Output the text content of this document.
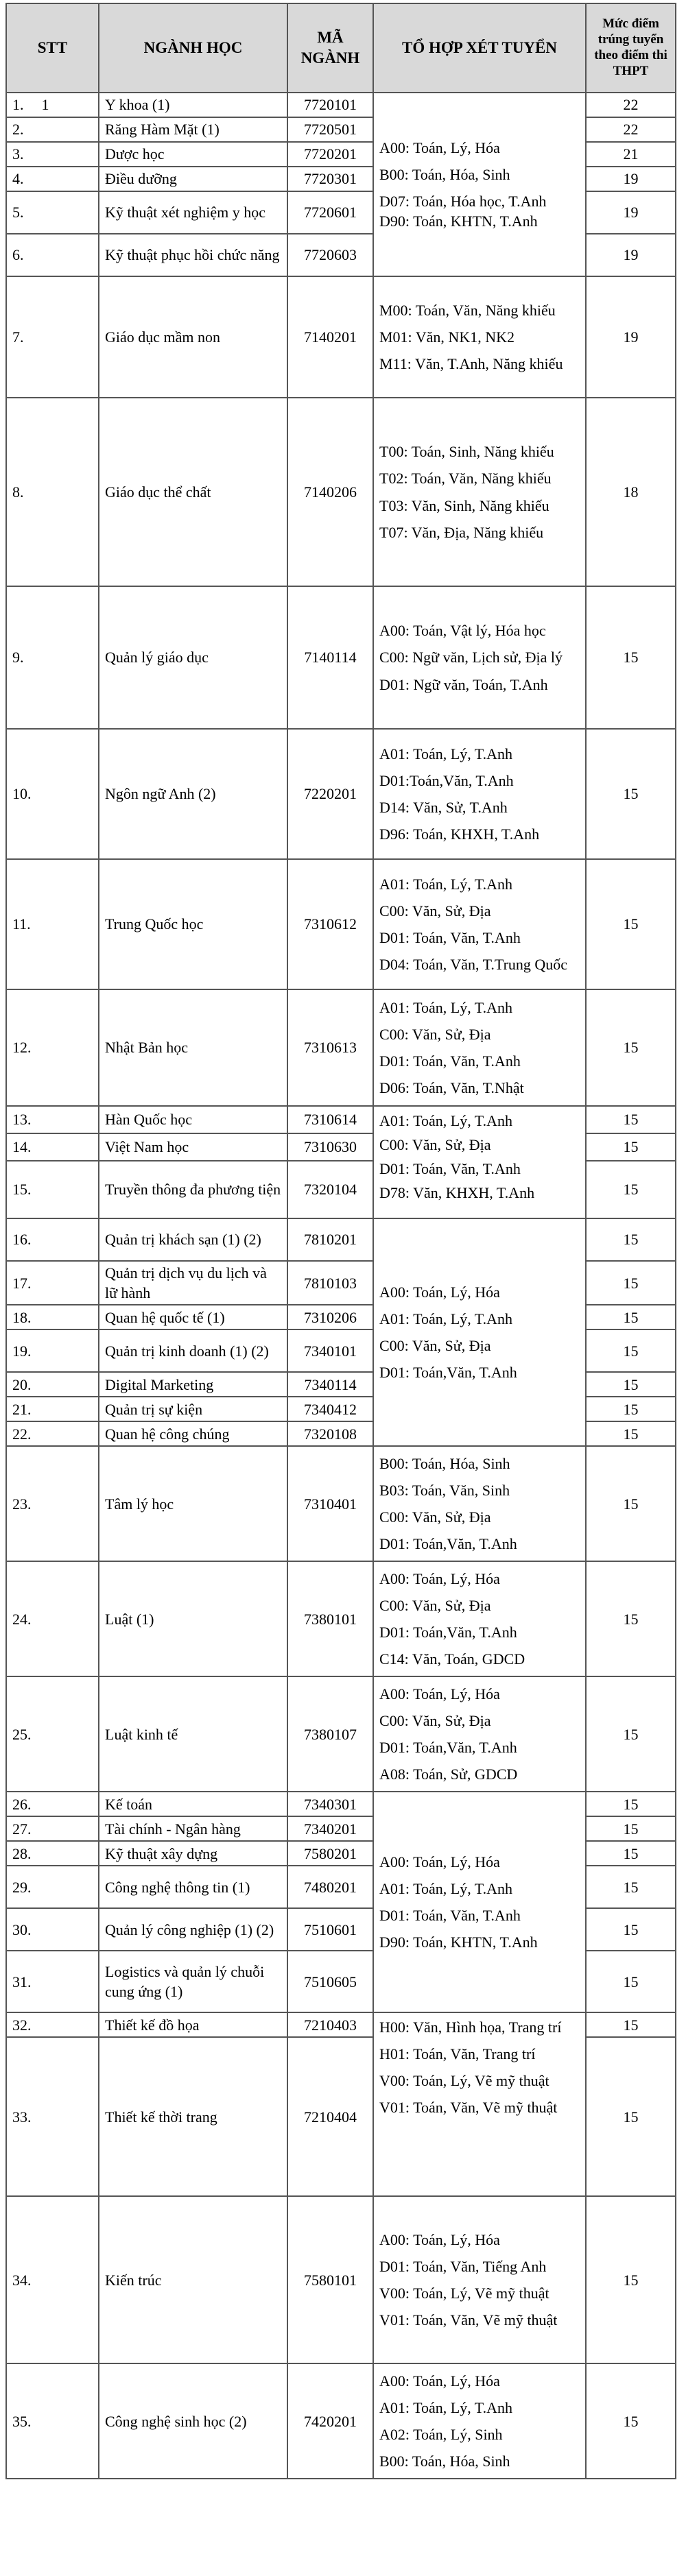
STT	NGÀNH HỌC	MÃ NGÀNH	TỔ HỢP XÉT TUYỂN	Mức điểm trúng tuyển theo điểm thi THPT
1. 1	Y khoa (1)	7720101	A00: Toán, Lý, Hóa

B00: Toán, Hóa, Sinh

D07: Toán, Hóa học, T.Anh D90: Toán, KHTN, T.Anh	22
2.	Răng Hàm Mặt (1)	7720501		22
3.	Dược học	7720201		21
4.	Điều dưỡng	7720301		19
5.	Kỹ thuật xét nghiệm y học	7720601		19
6.	Kỹ thuật phục hồi chức năng	7720603		19
7.	Giáo dục mầm non	7140201	M00: Toán, Văn, Năng khiếu

M01: Văn, NK1, NK2

M11: Văn, T.Anh, Năng khiếu	19
8.	Giáo dục thể chất	7140206	T00: Toán, Sinh, Năng khiếu

T02: Toán, Văn, Năng khiếu

T03: Văn, Sinh, Năng khiếu

T07: Văn, Địa, Năng khiếu	18
9.	Quản lý giáo dục	7140114	A00: Toán, Vật lý, Hóa học

C00: Ngữ văn, Lịch sử, Địa lý

D01: Ngữ văn, Toán, T.Anh	15
10.	Ngôn ngữ Anh (2)	7220201	A01: Toán, Lý, T.Anh

D01:Toán,Văn, T.Anh

D14: Văn, Sử, T.Anh

D96: Toán, KHXH, T.Anh	15
11.	Trung Quốc học	7310612	A01: Toán, Lý, T.Anh

C00: Văn, Sử, Địa

D01: Toán, Văn, T.Anh

D04: Toán, Văn, T.Trung Quốc	15
12.	Nhật Bản học	7310613	A01: Toán, Lý, T.Anh

C00: Văn, Sử, Địa

D01: Toán, Văn, T.Anh

D06: Toán, Văn, T.Nhật	15
13.	Hàn Quốc học	7310614	A01: Toán, Lý, T.Anh

C00: Văn, Sử, Địa

D01: Toán, Văn, T.Anh

D78: Văn, KHXH, T.Anh	15
14.	Việt Nam học	7310630		15
15.	Truyền thông đa phương tiện	7320104		15
16.	Quản trị khách sạn (1) (2)	7810201	A00: Toán, Lý, Hóa

A01: Toán, Lý, T.Anh

C00: Văn, Sử, Địa

D01: Toán,Văn, T.Anh	15
17.	Quản trị dịch vụ du lịch và lữ hành	7810103		15
18.	Quan hệ quốc tế (1)	7310206		15
19.	Quản trị kinh doanh (1) (2)	7340101		15
20.	Digital Marketing	7340114		15
21.	Quản trị sự kiện	7340412		15
22.	Quan hệ công chúng	7320108		15
23.	Tâm lý học	7310401	B00: Toán, Hóa, Sinh

B03: Toán, Văn, Sinh

C00: Văn, Sử, Địa

D01: Toán,Văn, T.Anh	15
24.	Luật (1)	7380101	A00: Toán, Lý, Hóa

C00: Văn, Sử, Địa

D01: Toán,Văn, T.Anh

C14: Văn, Toán, GDCD	15
25.	Luật kinh tế	7380107	A00: Toán, Lý, Hóa

C00: Văn, Sử, Địa

D01: Toán,Văn, T.Anh

A08: Toán, Sử, GDCD	15
26.	Kế toán	7340301	A00: Toán, Lý, Hóa

A01: Toán, Lý, T.Anh

D01: Toán, Văn, T.Anh

D90: Toán, KHTN, T.Anh	15
27.	Tài chính - Ngân hàng	7340201		15
28.	Kỹ thuật xây dựng	7580201		15
29.	Công nghệ thông tin (1)	7480201		15
30.	Quản lý công nghiệp (1) (2)	7510601		15
31.	Logistics và quản lý chuỗi cung ứng (1)	7510605		15
32.	Thiết kế đồ họa	7210403	H00: Văn, Hình họa, Trang trí

H01: Toán, Văn, Trang trí

V00: Toán, Lý, Vẽ mỹ thuật

V01: Toán, Văn, Vẽ mỹ thuật	15
33.	Thiết kế thời trang	7210404		15
34.	Kiến trúc	7580101	A00: Toán, Lý, Hóa

D01: Toán, Văn, Tiếng Anh

V00: Toán, Lý, Vẽ mỹ thuật

V01: Toán, Văn, Vẽ mỹ thuật	15
35.	Công nghệ sinh học (2)	7420201	A00: Toán, Lý, Hóa

A01: Toán, Lý, T.Anh

A02: Toán, Lý, Sinh

B00: Toán, Hóa, Sinh	15
